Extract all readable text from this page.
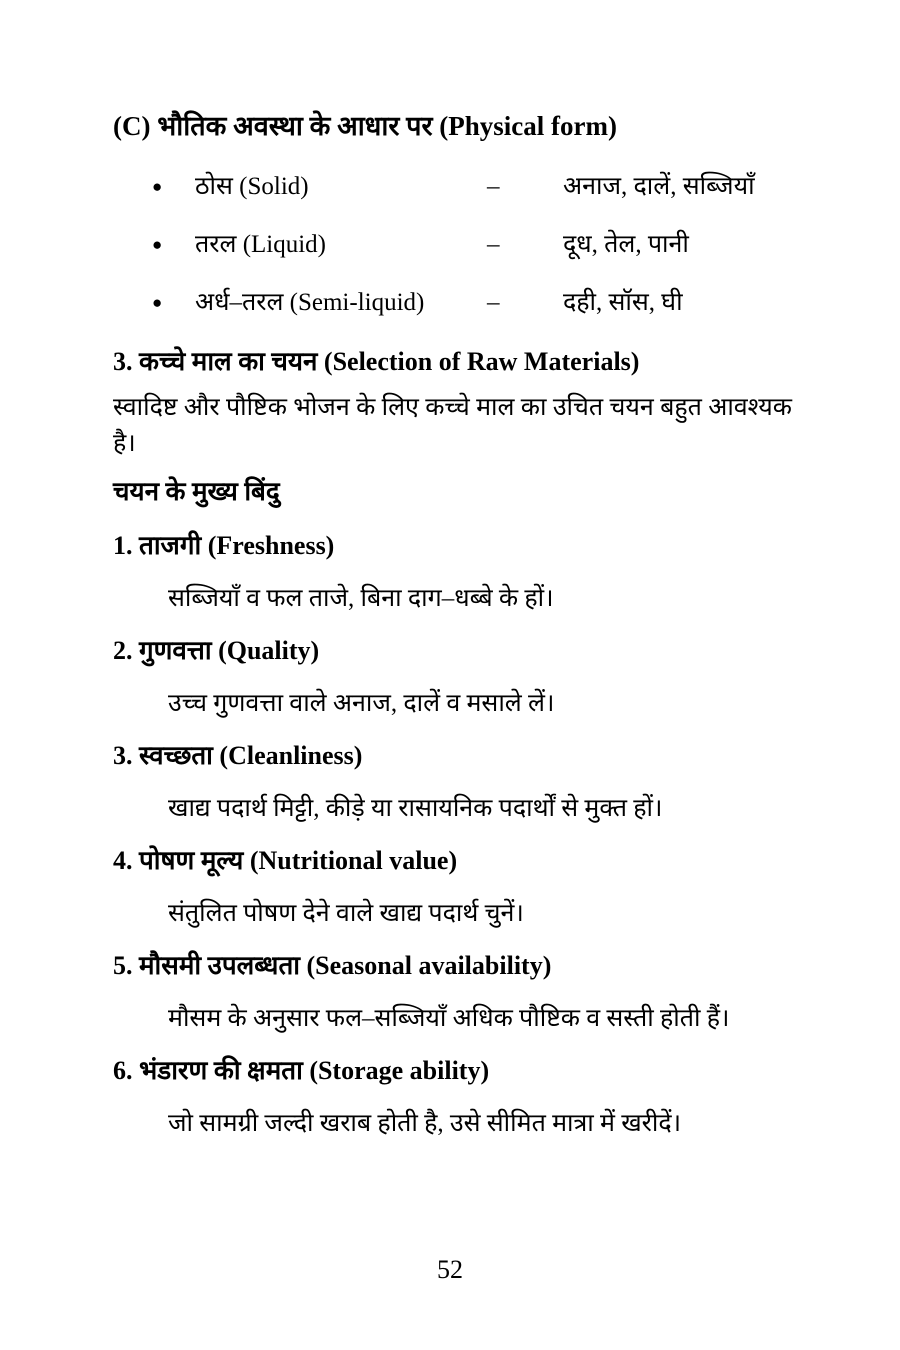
(C) भौतिक अवस्था के आधार पर (Physical form)
●	ठोस (Solid)	–	अनाज, दालें, सब्जियाँ
●	तरल (Liquid)	–	दूध, तेल, पानी
●	अर्ध–तरल (Semi-liquid)	–	दही, सॉस, घी
3. कच्चे माल का चयन (Selection of Raw Materials)
स्वादिष्ट और पौष्टिक भोजन के लिए कच्चे माल का उचित चयन बहुत आवश्यक है।
चयन के मुख्य बिंदु
1. ताजगी (Freshness)
सब्जियाँ व फल ताजे, बिना दाग–धब्बे के हों।
2. गुणवत्ता (Quality)
उच्च गुणवत्ता वाले अनाज, दालें व मसाले लें।
3. स्वच्छता (Cleanliness)
खाद्य पदार्थ मिट्टी, कीड़े या रासायनिक पदार्थों से मुक्त हों।
4. पोषण मूल्य (Nutritional value)
संतुलित पोषण देने वाले खाद्य पदार्थ चुनें।
5. मौसमी उपलब्धता (Seasonal availability)
मौसम के अनुसार फल–सब्जियाँ अधिक पौष्टिक व सस्ती होती हैं।
6. भंडारण की क्षमता (Storage ability)
जो सामग्री जल्दी खराब होती है, उसे सीमित मात्रा में खरीदें।
52
